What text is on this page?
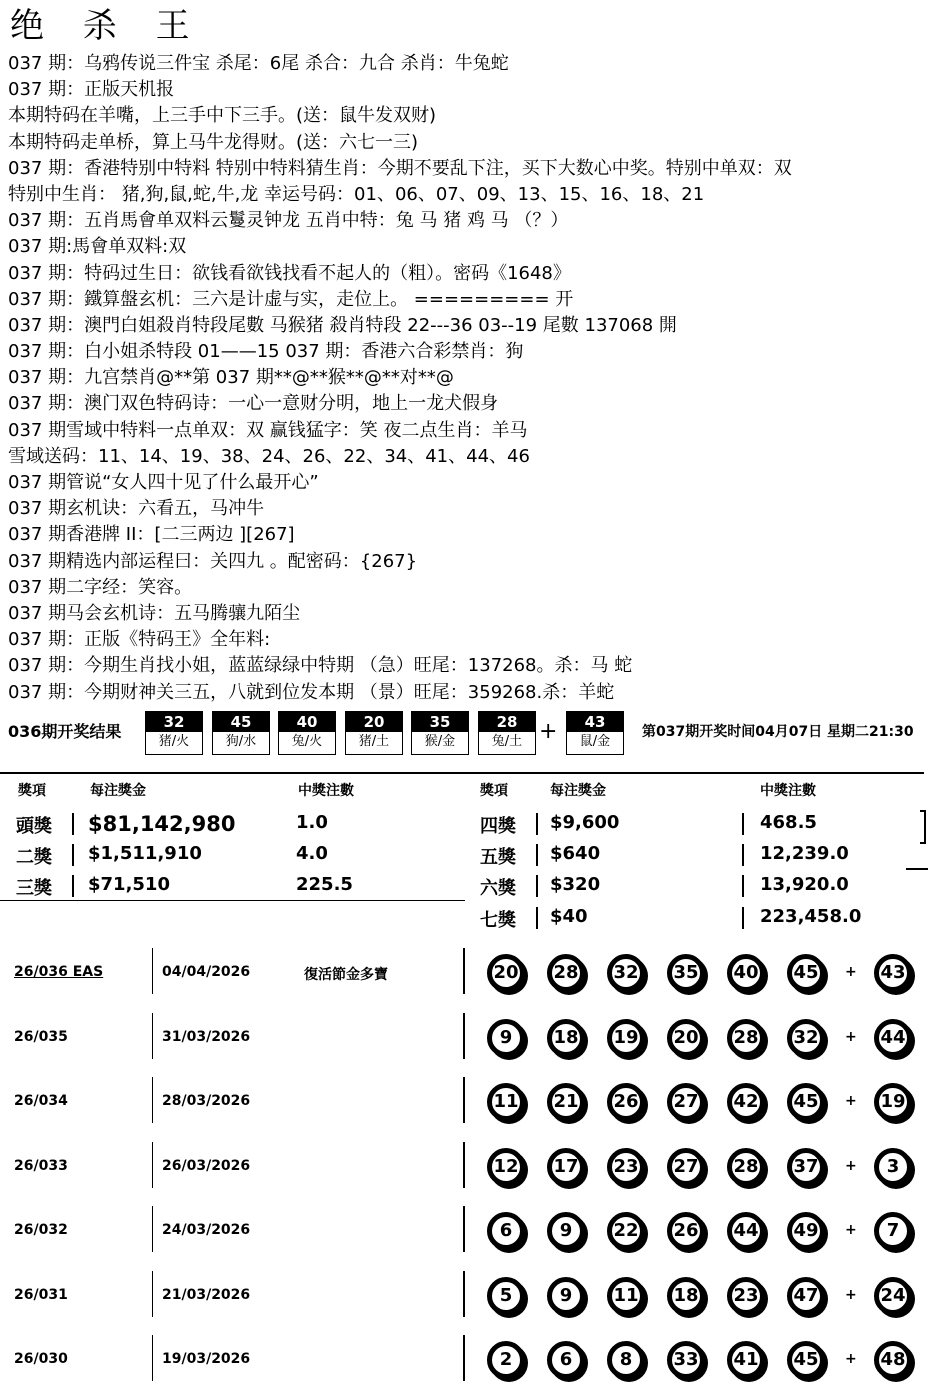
绝 杀 王
037 期：乌鸦传说三件宝 杀尾：6尾 杀合：九合 杀肖：牛兔蛇
037 期：正版天机报
本期特码在羊嘴，上三手中下三手。(送：鼠牛发双财)
本期特码走单桥，算上马牛龙得财。(送：六七一三)
037 期：香港特别中特料 特别中特料猜生肖：今期不要乱下注，买下大数心中奖。特别中单双：双
特别中生肖： 猪,狗,鼠,蛇,牛,龙 幸运号码：01、06、07、09、13、15、16、18、21
037 期：五肖馬會单双料云鬘灵钟龙 五肖中特：兔 马 猪 鸡 马 （？）
037 期:馬會单双料:双
037 期：特码过生日：欲钱看欲钱找看不起人的（粗）。密码《1648》
037 期：鐵算盤玄机：三六是计虚与实，走位上。 ========= 开
037 期：澳門白姐殺肖特段尾數 马猴猪 殺肖特段 22---36 03--19 尾數 137068 開
037 期：白小姐杀特段 01——15 037 期：香港六合彩禁肖：狗
037 期：九宫禁肖@**第 037 期**@**猴**@**对**@
037 期：澳门双色特码诗：一心一意财分明，地上一龙犬假身
037 期雪域中特料一点单双：双 赢钱猛字：笑 夜二点生肖：羊马
雪域送码：11、14、19、38、24、26、22、34、41、44、46
037 期管说“女人四十见了什么最开心”
037 期玄机诀：六看五，马冲牛
037 期香港牌 II：[二三两边 ][267]
037 期精选内部运程曰：关四九 。配密码：{267}
037 期二字经：笑容。
037 期马会玄机诗：五马腾骧九陌尘
037 期：正版《特码王》全年料:
037 期：今期生肖找小姐，蓝蓝绿绿中特期 （急）旺尾：137268。杀：马 蛇
037 期：今期财神关三五，八就到位发本期 （景）旺尾：359268.杀：羊蛇
036期开奖结果	+	第037期开奖时间04月07日 星期二21:30
32
猪/火
45
狗/水
40
兔/火
20
猪/土
35
猴/金
28
兔/土
43
鼠/金
獎項	每注獎金	中獎注數	獎項	每注獎金	中獎注數
頭獎 $81,142,980	1.0
二獎 $1,511,910	4.0
三獎 $71,510	225.5
四獎 $9,600	468.5
五獎 $640	12,239.0
六獎 $320	13,920.0
七獎 $40	223,458.0
26/036 EAS	04/04/2026	復活節金多寶	20	28	32	35	40	45	+	43
26/035	31/03/2026	9	18	19	20	28	32	+	44
26/034	28/03/2026	11	21	26	27	42	45	+	19
26/033	26/03/2026	12	17	23	27	28	37	+	3
26/032	24/03/2026	6	9	22	26	44	49	+	7
26/031	21/03/2026	5	9	11	18	23	47	+	24
26/030	19/03/2026	2	6	8	33	41	45	+	48
